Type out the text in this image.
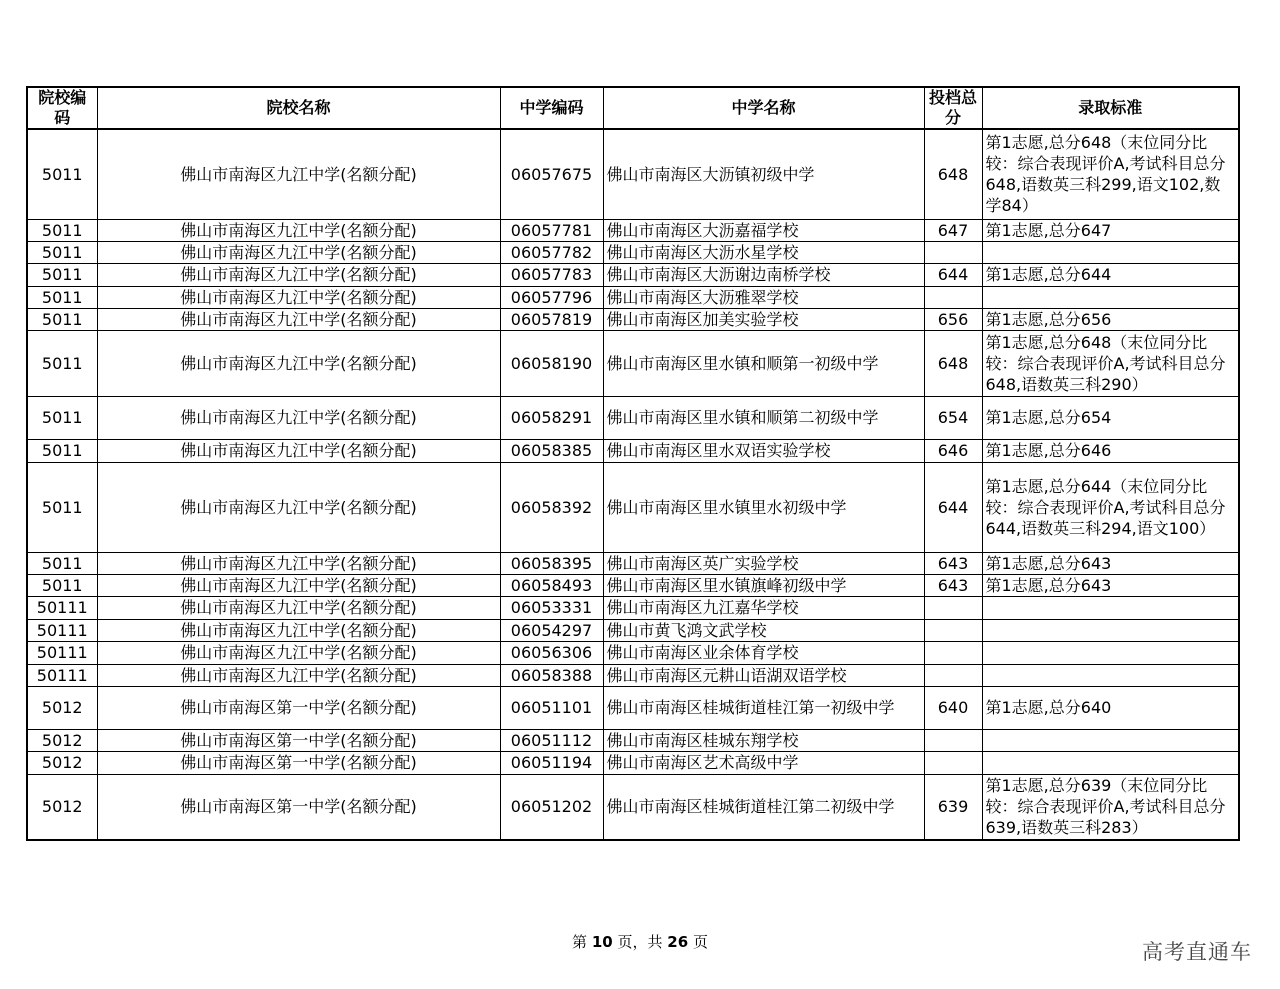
院校编码	院校名称	中学编码	中学名称	投档总分	录取标准
5011	佛山市南海区九江中学(名额分配)	06057675	佛山市南海区大沥镇初级中学	648	第1志愿,总分648（末位同分比较：综合表现评价A,考试科目总分648,语数英三科299,语文102,数学84）
5011	佛山市南海区九江中学(名额分配)	06057781	佛山市南海区大沥嘉福学校	647	第1志愿,总分647
5011	佛山市南海区九江中学(名额分配)	06057782	佛山市南海区大沥水星学校		
5011	佛山市南海区九江中学(名额分配)	06057783	佛山市南海区大沥谢边南桥学校	644	第1志愿,总分644
5011	佛山市南海区九江中学(名额分配)	06057796	佛山市南海区大沥雅翠学校		
5011	佛山市南海区九江中学(名额分配)	06057819	佛山市南海区加美实验学校	656	第1志愿,总分656
5011	佛山市南海区九江中学(名额分配)	06058190	佛山市南海区里水镇和顺第一初级中学	648	第1志愿,总分648（末位同分比较：综合表现评价A,考试科目总分648,语数英三科290）
5011	佛山市南海区九江中学(名额分配)	06058291	佛山市南海区里水镇和顺第二初级中学	654	第1志愿,总分654
5011	佛山市南海区九江中学(名额分配)	06058385	佛山市南海区里水双语实验学校	646	第1志愿,总分646
5011	佛山市南海区九江中学(名额分配)	06058392	佛山市南海区里水镇里水初级中学	644	第1志愿,总分644（末位同分比较：综合表现评价A,考试科目总分644,语数英三科294,语文100）
5011	佛山市南海区九江中学(名额分配)	06058395	佛山市南海区英广实验学校	643	第1志愿,总分643
5011	佛山市南海区九江中学(名额分配)	06058493	佛山市南海区里水镇旗峰初级中学	643	第1志愿,总分643
50111	佛山市南海区九江中学(名额分配)	06053331	佛山市南海区九江嘉华学校		
50111	佛山市南海区九江中学(名额分配)	06054297	佛山市黄飞鸿文武学校		
50111	佛山市南海区九江中学(名额分配)	06056306	佛山市南海区业余体育学校		
50111	佛山市南海区九江中学(名额分配)	06058388	佛山市南海区元耕山语湖双语学校		
5012	佛山市南海区第一中学(名额分配)	06051101	佛山市南海区桂城街道桂江第一初级中学	640	第1志愿,总分640
5012	佛山市南海区第一中学(名额分配)	06051112	佛山市南海区桂城东翔学校		
5012	佛山市南海区第一中学(名额分配)	06051194	佛山市南海区艺术高级中学		
5012	佛山市南海区第一中学(名额分配)	06051202	佛山市南海区桂城街道桂江第二初级中学	639	第1志愿,总分639（末位同分比较：综合表现评价A,考试科目总分639,语数英三科283）
第 10 页，共 26 页	高考直通车
